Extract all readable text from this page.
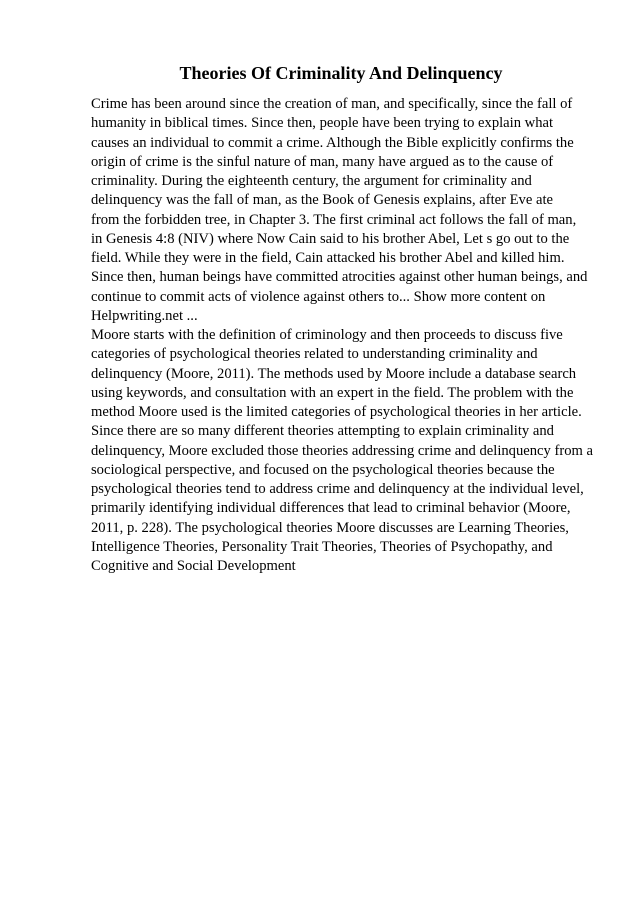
Theories Of Criminality And Delinquency
Crime has been around since the creation of man, and specifically, since the fall of
humanity in biblical times. Since then, people have been trying to explain what
causes an individual to commit a crime. Although the Bible explicitly confirms the
origin of crime is the sinful nature of man, many have argued as to the cause of
criminality. During the eighteenth century, the argument for criminality and
delinquency was the fall of man, as the Book of Genesis explains, after Eve ate
from the forbidden tree, in Chapter 3. The first criminal act follows the fall of man,
in Genesis 4:8 (NIV) where Now Cain said to his brother Abel, Let s go out to the
field. While they were in the field, Cain attacked his brother Abel and killed him.
Since then, human beings have committed atrocities against other human beings, and
continue to commit acts of violence against others to... Show more content on
Helpwriting.net ...
Moore starts with the definition of criminology and then proceeds to discuss five
categories of psychological theories related to understanding criminality and
delinquency (Moore, 2011). The methods used by Moore include a database search
using keywords, and consultation with an expert in the field. The problem with the
method Moore used is the limited categories of psychological theories in her article.
Since there are so many different theories attempting to explain criminality and
delinquency, Moore excluded those theories addressing crime and delinquency from a
sociological perspective, and focused on the psychological theories because the
psychological theories tend to address crime and delinquency at the individual level,
primarily identifying individual differences that lead to criminal behavior (Moore,
2011, p. 228). The psychological theories Moore discusses are Learning Theories,
Intelligence Theories, Personality Trait Theories, Theories of Psychopathy, and
Cognitive and Social Development
